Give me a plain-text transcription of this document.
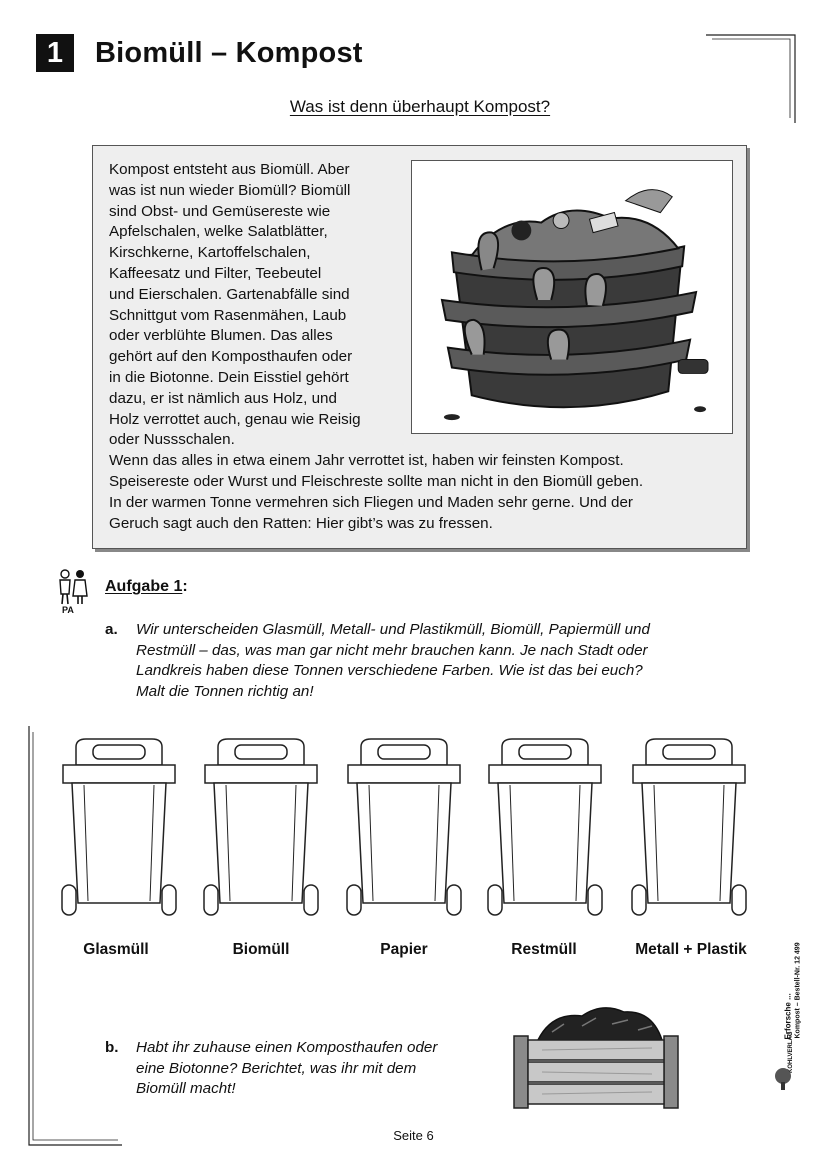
1	Biomüll – Kompost
Was ist denn überhaupt Kompost?
Kompost entsteht aus Biomüll. Aber
was ist nun wieder Biomüll? Biomüll
sind Obst- und Gemüsereste wie
Apfelschalen, welke Salatblätter,
Kirschkerne, Kartoffelschalen,
Kaffeesatz und Filter, Teebeutel
und Eierschalen. Gartenabfälle sind
Schnittgut vom Rasenmähen, Laub
oder verblühte Blumen. Das alles
gehört auf den Komposthaufen oder
in die Biotonne. Dein Eisstiel gehört
dazu, er ist nämlich aus Holz, und
Holz verrottet auch, genau wie Reisig
oder Nussschalen.
Wenn das alles in etwa einem Jahr verrottet ist, haben wir feinsten Kompost.
Speisereste oder Wurst und Fleischreste sollte man nicht in den Biomüll geben.
In der warmen Tonne vermehren sich Fliegen und Maden sehr gerne. Und der
Geruch sagt auch den Ratten: Hier gibt’s was zu fressen.
PA
Aufgabe 1:
a. Wir unterscheiden Glasmüll, Metall- und Plastikmüll, Biomüll, Papiermüll und
Restmüll – das, was man gar nicht mehr brauchen kann. Je nach Stadt oder
Landkreis haben diese Tonnen verschiedene Farben. Wie ist das bei euch?
Malt die Tonnen richtig an!
Glasmüll	Biomüll	Papier	Restmüll	Metall + Plastik
Erforsche ... Kompost – Bestell-Nr. 12 499
KOHLVERLAG
b. Habt ihr zuhause einen Komposthaufen oder
eine Biotonne? Berichtet, was ihr mit dem
Biomüll macht!
Seite 6
